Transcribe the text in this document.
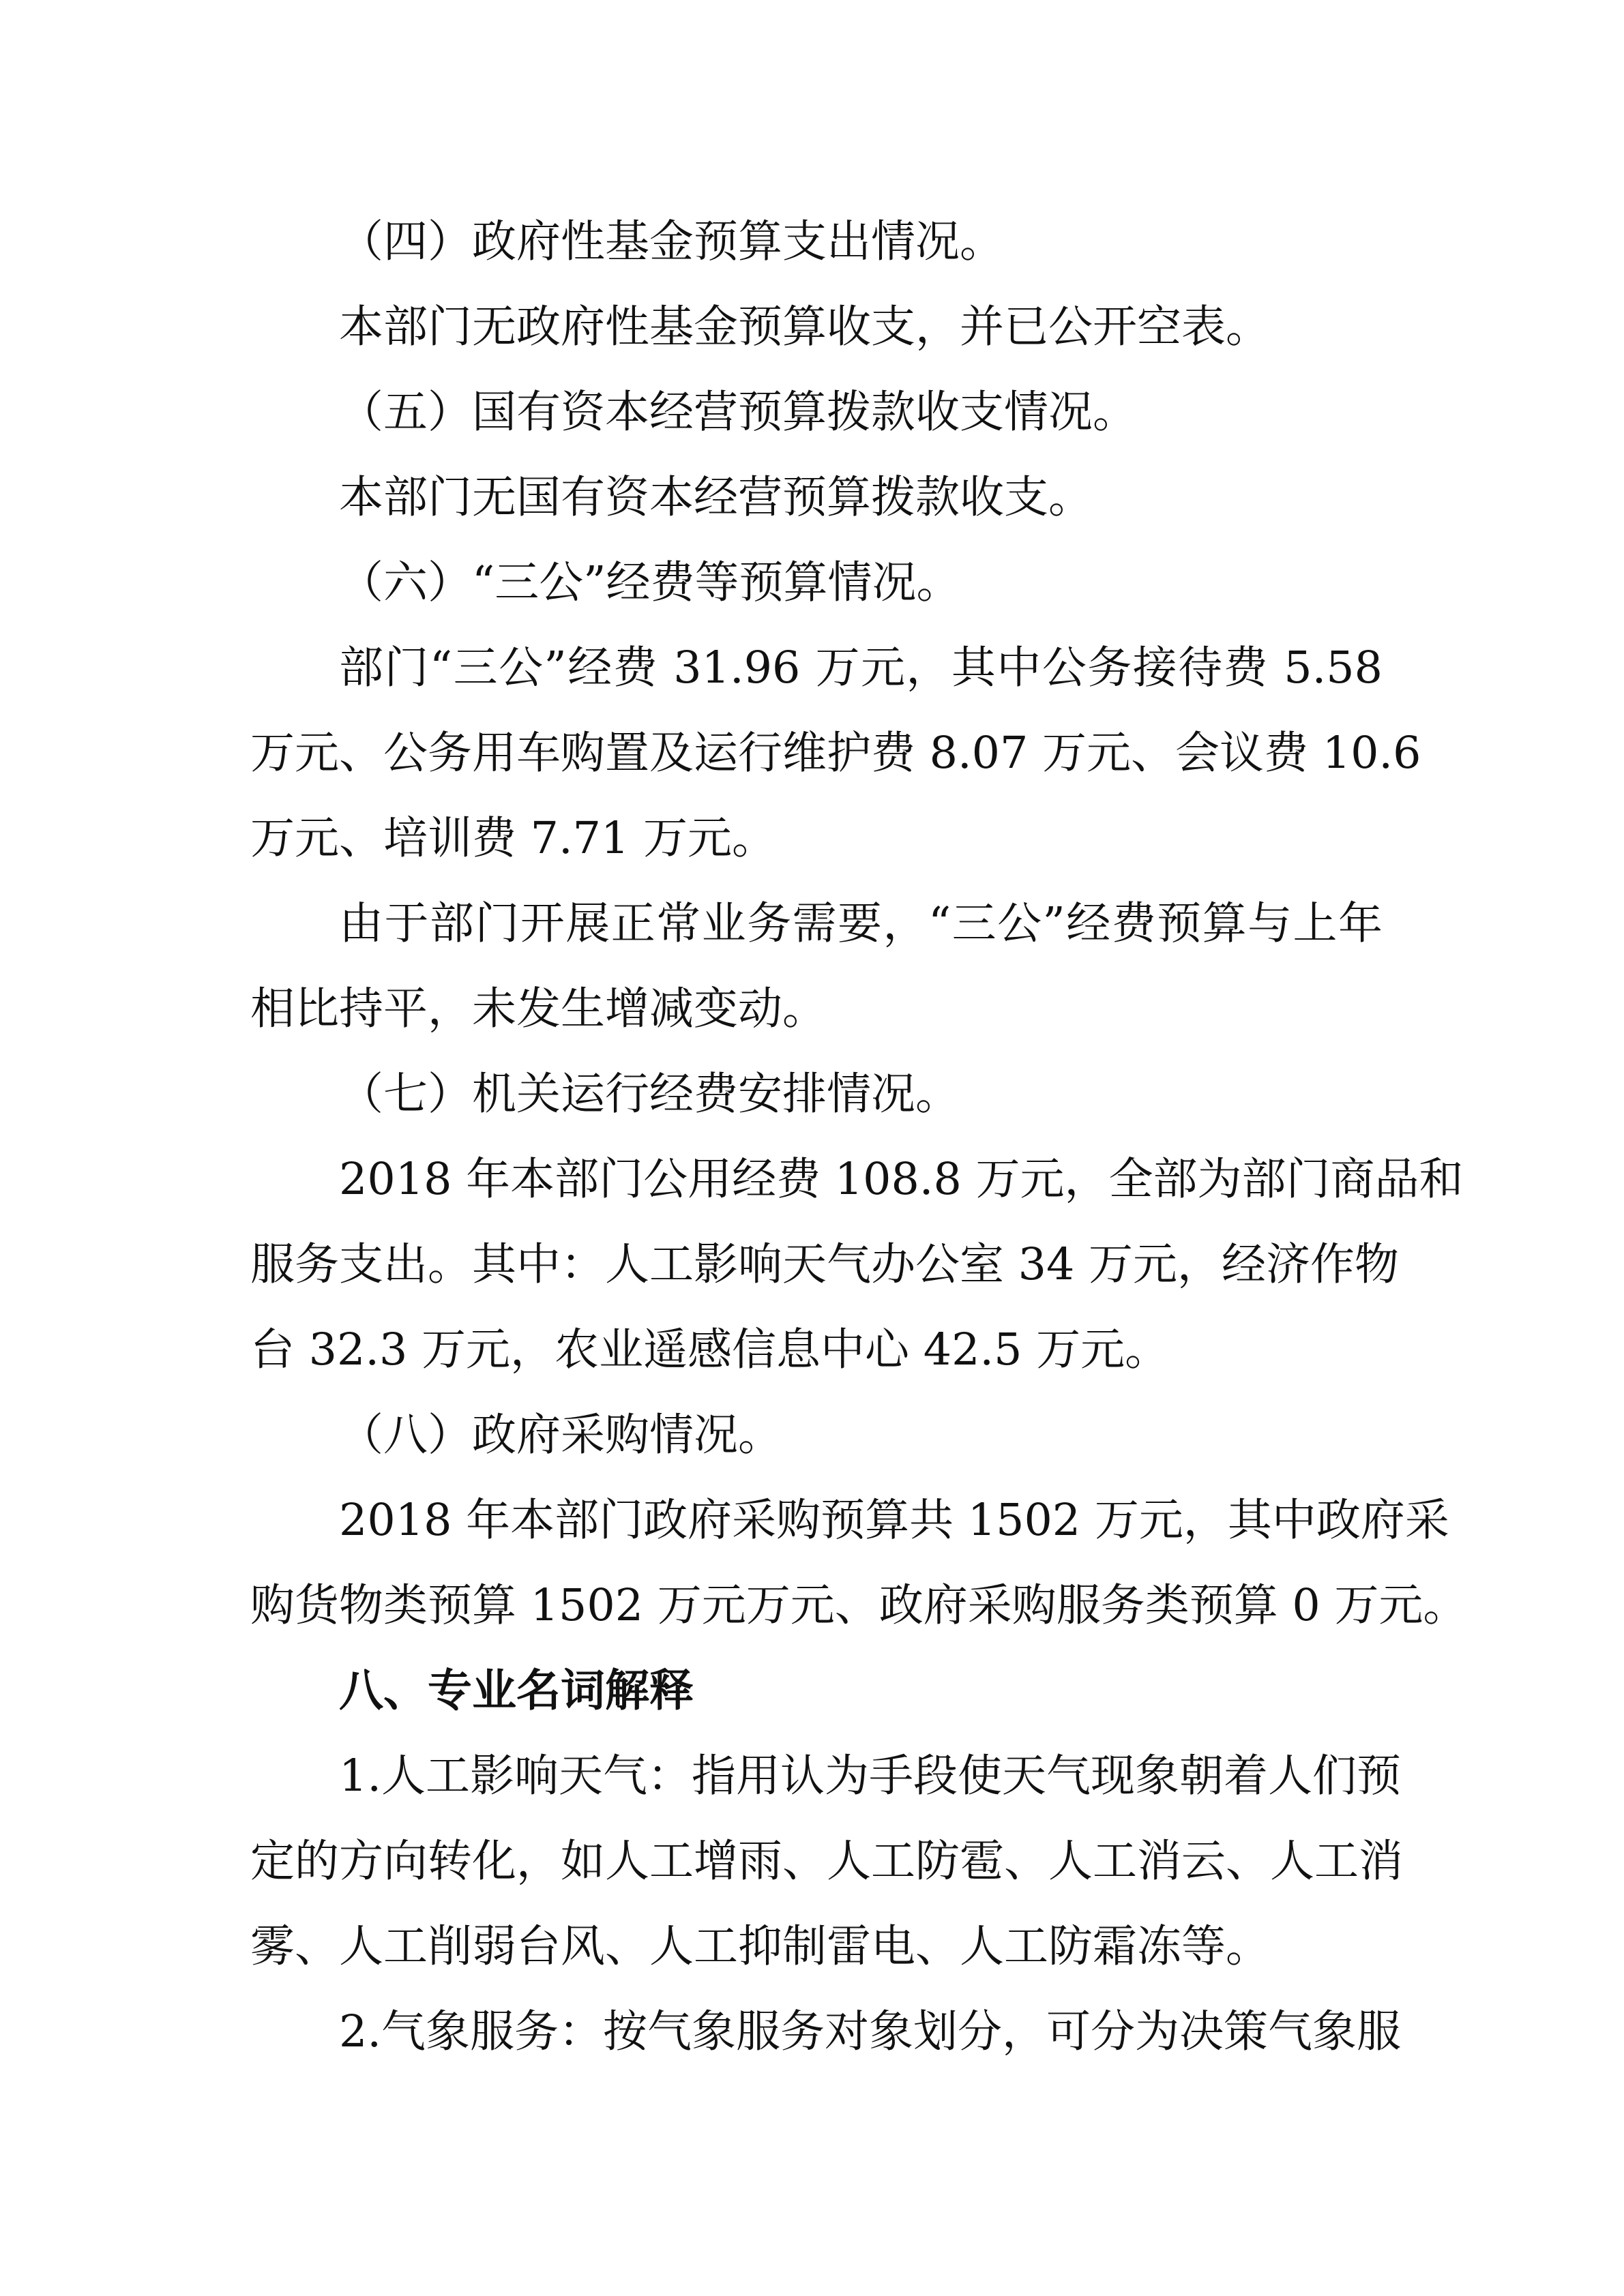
（四）政府性基金预算支出情况。
本部门无政府性基金预算收支，并已公开空表。
（五）国有资本经营预算拨款收支情况。
本部门无国有资本经营预算拨款收支。
（六）“三公”经费等预算情况。
部门“三公”经费 31.96 万元，其中公务接待费 5.58
万元、公务用车购置及运行维护费 8.07 万元、会议费 10.6
万元、培训费 7.71 万元。
由于部门开展正常业务需要，“三公”经费预算与上年
相比持平，未发生增减变动。
（七）机关运行经费安排情况。
2018 年本部门公用经费 108.8 万元，全部为部门商品和
服务支出。其中：人工影响天气办公室 34 万元，经济作物
台 32.3 万元，农业遥感信息中心 42.5 万元。
（八）政府采购情况。
2018 年本部门政府采购预算共 1502 万元，其中政府采
购货物类预算 1502 万元万元、政府采购服务类预算 0 万元。
八、专业名词解释
1.人工影响天气：指用认为手段使天气现象朝着人们预
定的方向转化，如人工增雨、人工防雹、人工消云、人工消
雾、人工削弱台风、人工抑制雷电、人工防霜冻等。
2.气象服务：按气象服务对象划分，可分为决策气象服
